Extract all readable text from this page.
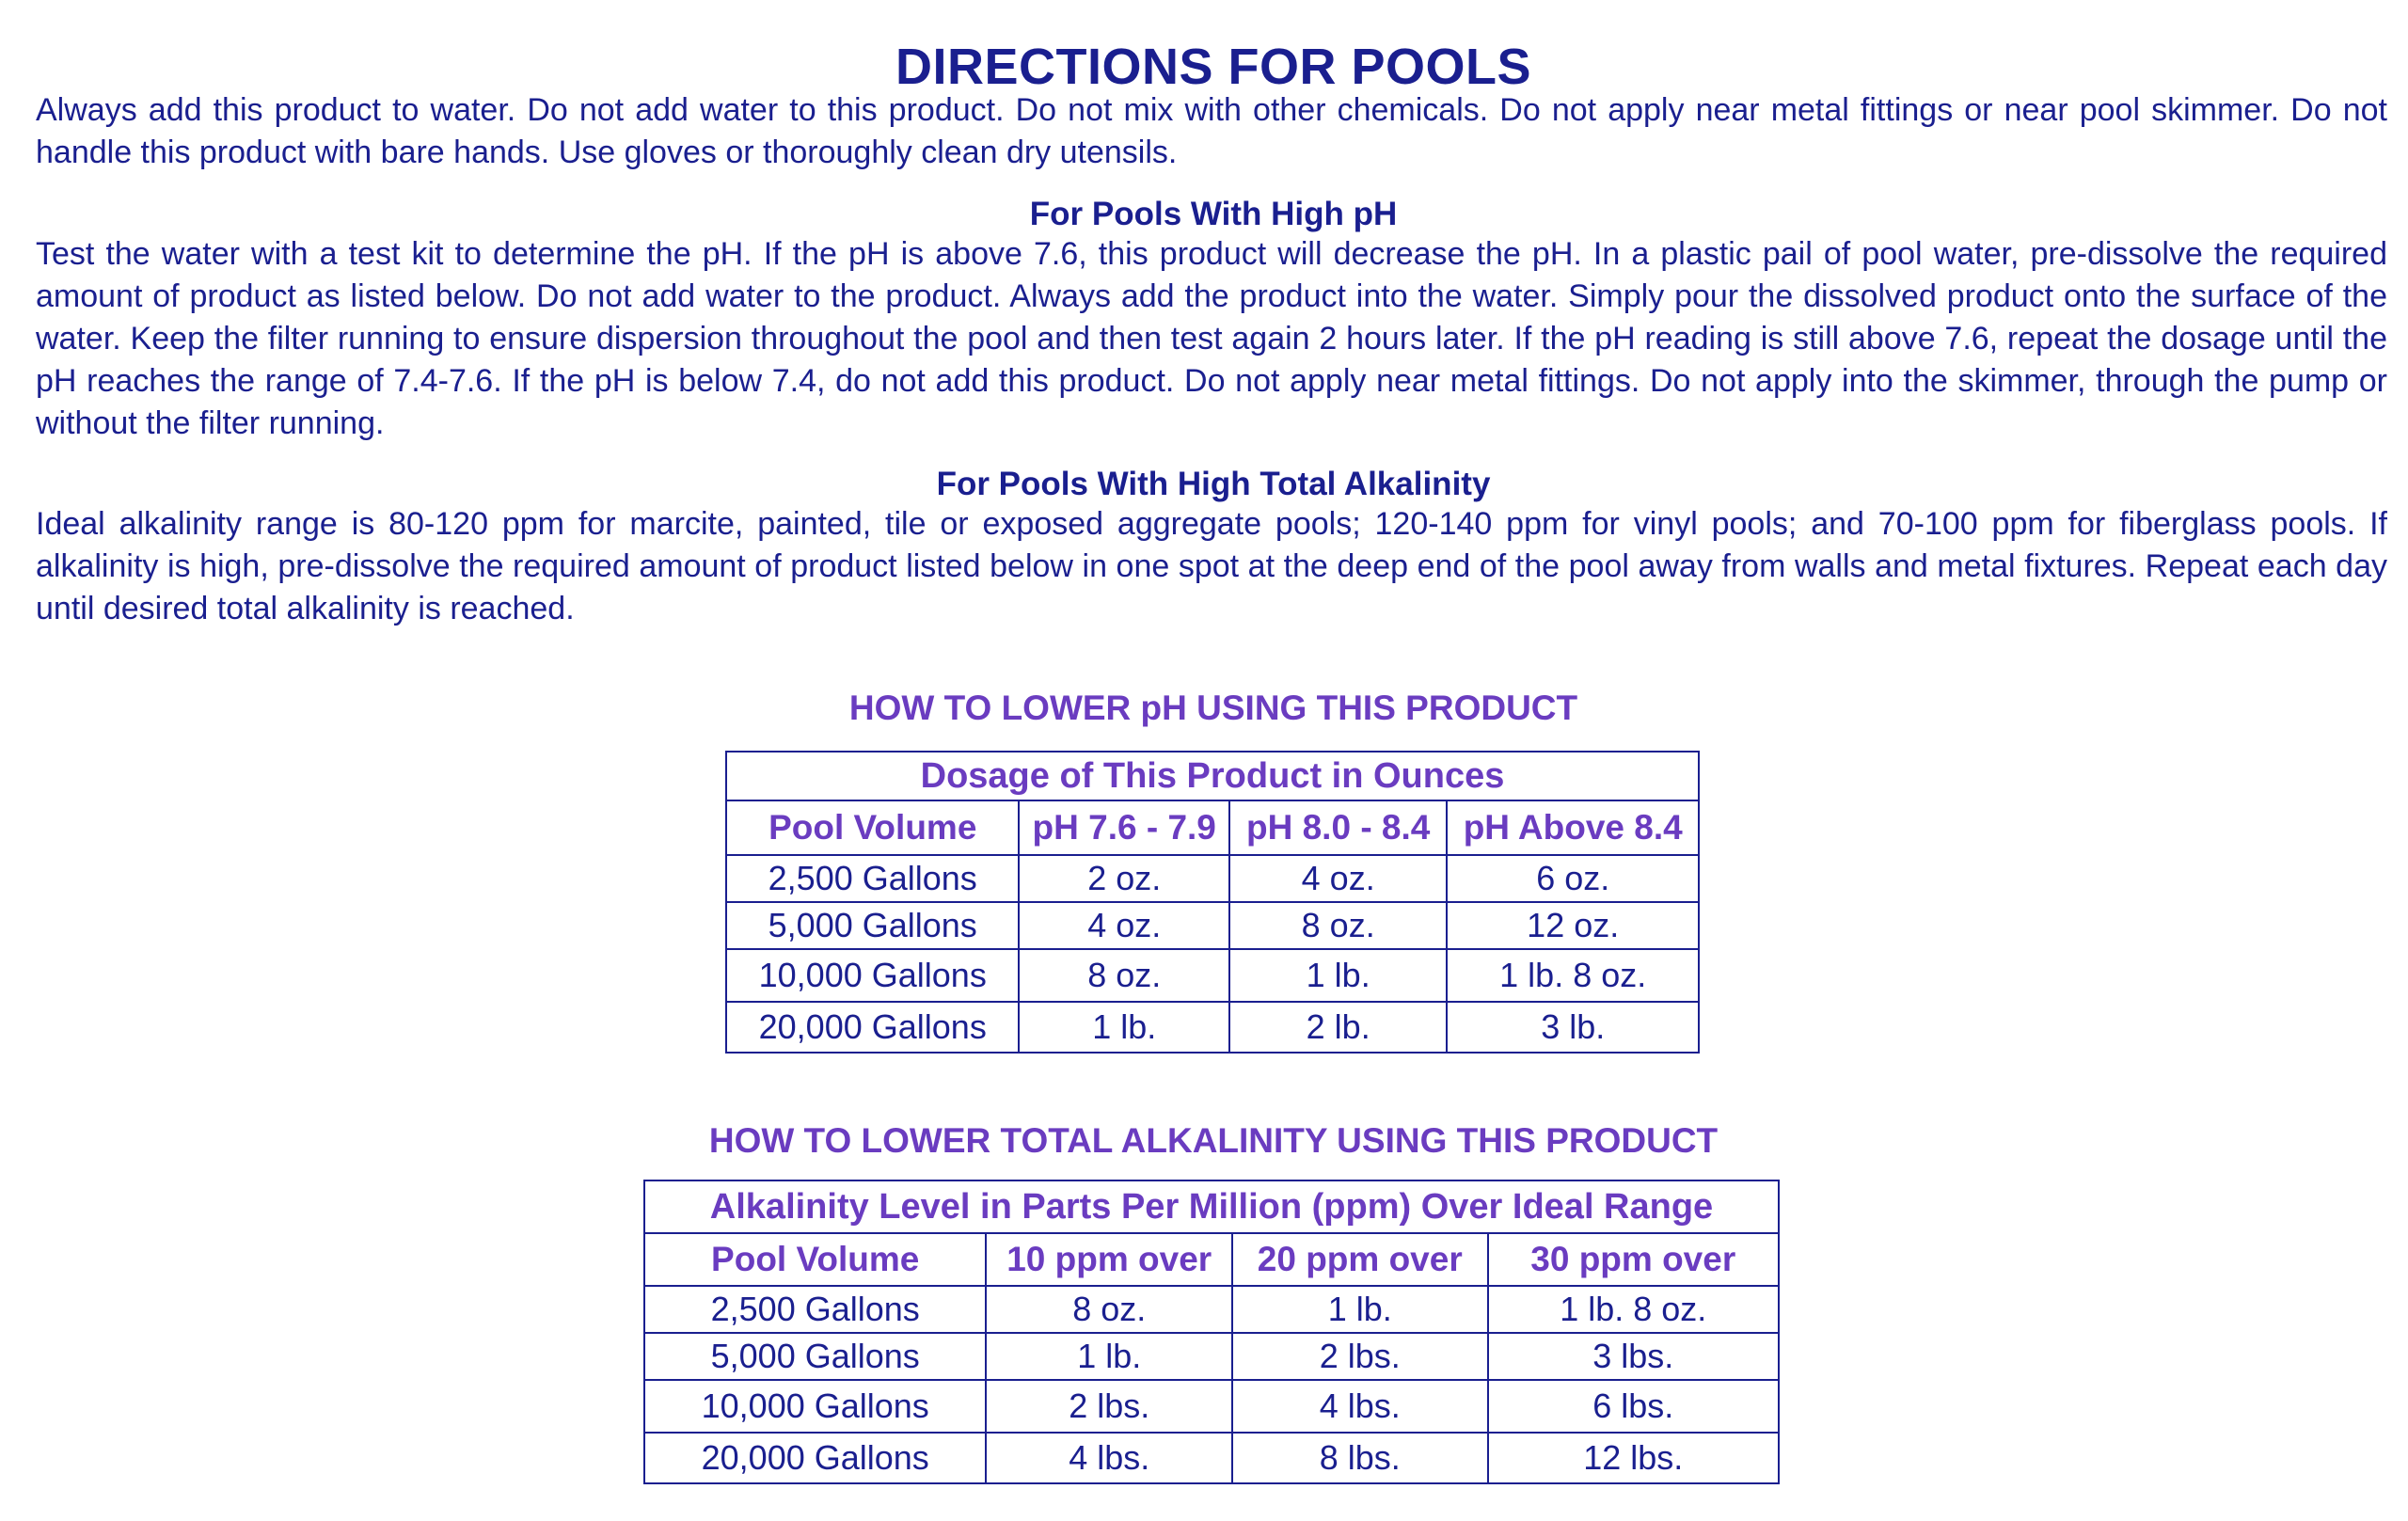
DIRECTIONS FOR POOLS

Always add this product to water. Do not add water to this product. Do not mix with other chemicals. Do not apply near metal fittings or near pool skimmer. Do not handle this product with bare hands. Use gloves or thoroughly clean dry utensils.

For Pools With High pH

Test the water with a test kit to determine the pH. If the pH is above 7.6, this product will decrease the pH. In a plastic pail of pool water, pre-dissolve the required amount of product as listed below. Do not add water to the product. Always add the product into the water. Simply pour the dissolved product onto the surface of the water. Keep the filter running to ensure dispersion throughout the pool and then test again 2 hours later. If the pH reading is still above 7.6, repeat the dosage until the pH reaches the range of 7.4-7.6. If the pH is below 7.4, do not add this product. Do not apply near metal fittings. Do not apply into the skimmer, through the pump or without the filter running.

For Pools With High Total Alkalinity

Ideal alkalinity range is 80-120 ppm for marcite, painted, tile or exposed aggregate pools; 120-140 ppm for vinyl pools; and 70-100 ppm for fiberglass pools. If alkalinity is high, pre-dissolve the required amount of product listed below in one spot at the deep end of the pool away from walls and metal fixtures. Repeat each day until desired total alkalinity is reached.

HOW TO LOWER pH USING THIS PRODUCT
Dosage of This Product in Ounces			
Pool Volume	pH 7.6 - 7.9	pH 8.0 - 8.4	pH Above 8.4
2,500 Gallons	2 oz.	4 oz.	6 oz.
5,000 Gallons	4 oz.	8 oz.	12 oz.
10,000 Gallons	8 oz.	1 lb.	1 lb. 8 oz.
20,000 Gallons	1 lb.	2 lb.	3 lb.
HOW TO LOWER TOTAL ALKALINITY USING THIS PRODUCT
Alkalinity Level in Parts Per Million (ppm) Over Ideal Range			
Pool Volume	10 ppm over	20 ppm over	30 ppm over
2,500 Gallons	8 oz.	1 lb.	1 lb. 8 oz.
5,000 Gallons	1 lb.	2 lbs.	3 lbs.
10,000 Gallons	2 lbs.	4 lbs.	6 lbs.
20,000 Gallons	4 lbs.	8 lbs.	12 lbs.
